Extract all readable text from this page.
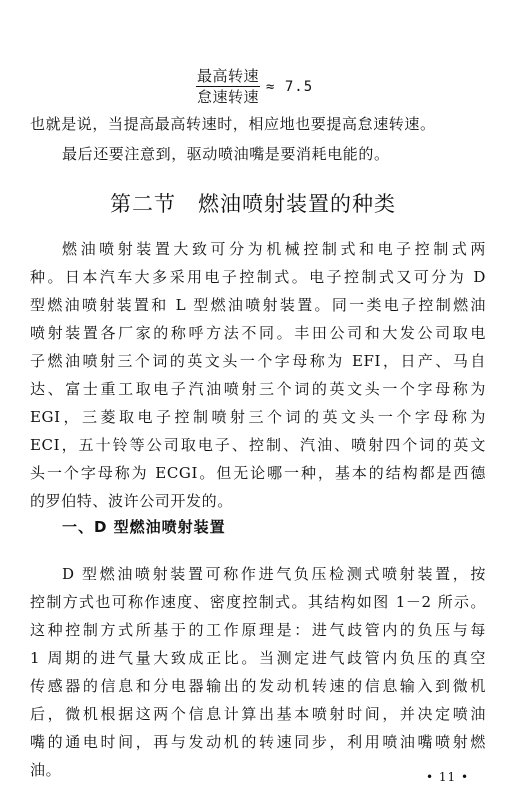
$\frac{\text{最高转速}}{\text{怠速转速}} \approx 7.5$
也就是说，当提高最高转速时，相应地也要提高怠速转速。
最后还要注意到，驱动喷油嘴是要消耗电能的。
第二节　燃油喷射装置的种类
燃油喷射装置大致可分为机械控制式和电子控制式两
种。日本汽车大多采用电子控制式。电子控制式又可分为 D
型燃油喷射装置和 L 型燃油喷射装置。同一类电子控制燃油
喷射装置各厂家的称呼方法不同。丰田公司和大发公司取电
子燃油喷射三个词的英文头一个字母称为 EFI，日产、马自
达、富士重工取电子汽油喷射三个词的英文头一个字母称为
EGI，三菱取电子控制喷射三个词的英文头一个字母称为
ECI，五十铃等公司取电子、控制、汽油、喷射四个词的英文
头一个字母称为 ECGI。但无论哪一种，基本的结构都是西德
的罗伯特、波许公司开发的。
一、D 型燃油喷射装置
D 型燃油喷射装置可称作进气负压检测式喷射装置，按
控制方式也可称作速度、密度控制式。其结构如图 1－2 所示。
这种控制方式所基于的工作原理是：进气歧管内的负压与每
1 周期的进气量大致成正比。当测定进气歧管内负压的真空
传感器的信息和分电器输出的发动机转速的信息输入到微机
后，微机根据这两个信息计算出基本喷射时间，并决定喷油
嘴的通电时间，再与发动机的转速同步，利用喷油嘴喷射燃
油。	• 11 •
